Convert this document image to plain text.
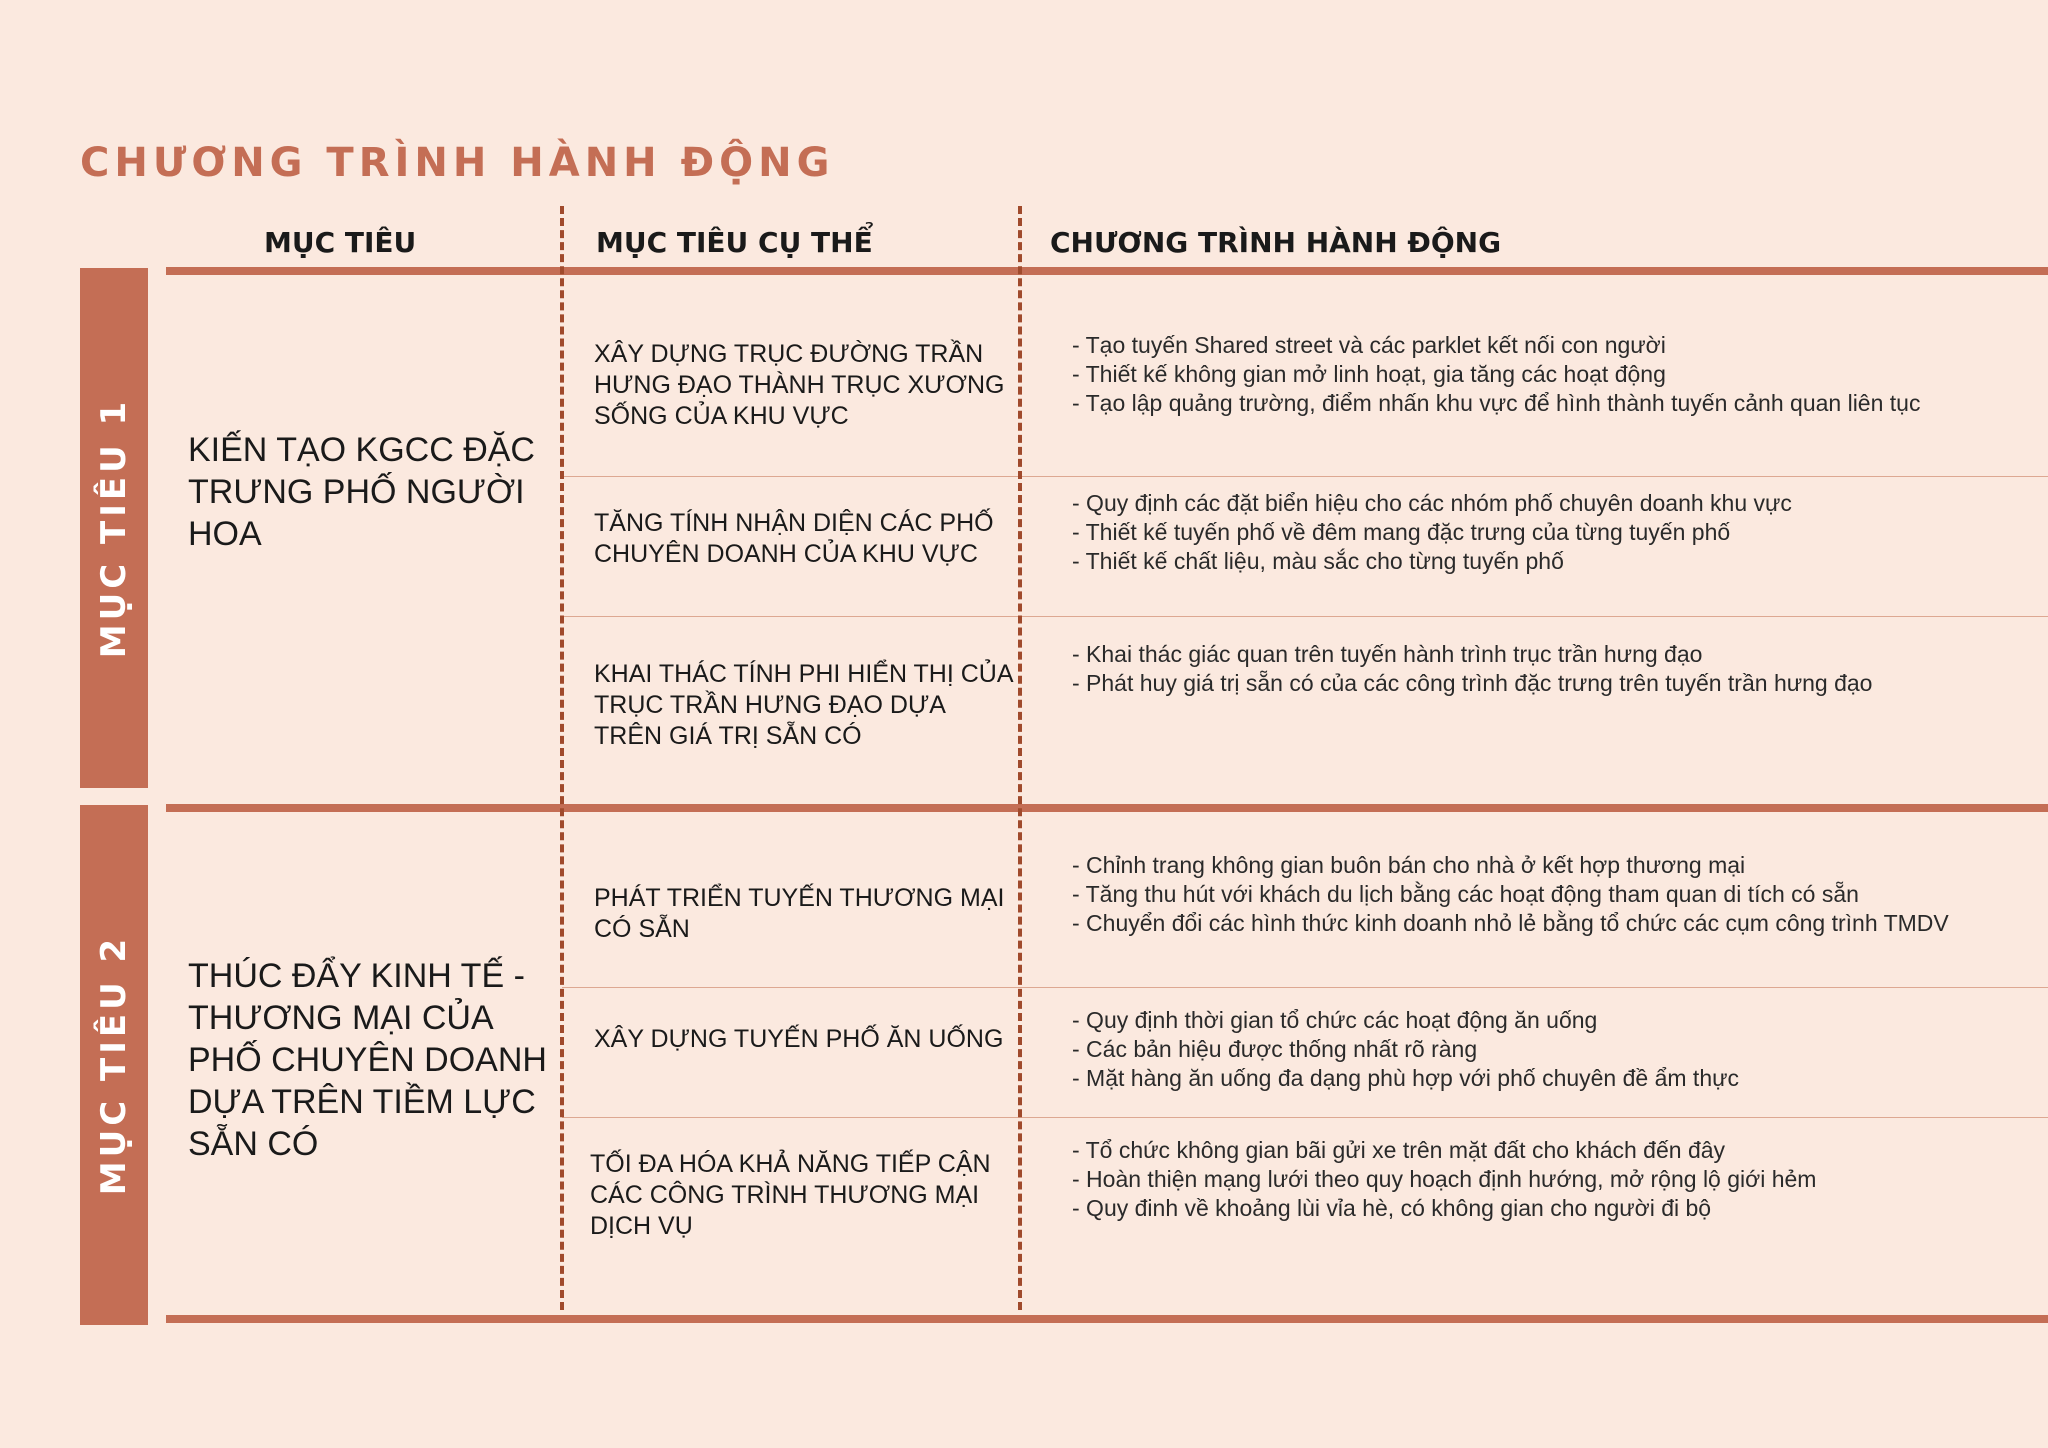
CHƯƠNG TRÌNH HÀNH ĐỘNG
MỤC TIÊU	MỤC TIÊU CỤ THỂ	CHƯƠNG TRÌNH HÀNH ĐỘNG
MỤC TIÊU 1 KIẾN TẠO KGCC ĐẶC TRƯNG PHỐ NGƯỜI HOA
XÂY DỰNG TRỤC ĐƯỜNG TRẦN HƯNG ĐẠO THÀNH TRỤC XƯƠNG SỐNG CỦA KHU VỰC
TĂNG TÍNH NHẬN DIỆN CÁC PHỐ CHUYÊN DOANH CỦA KHU VỰC
KHAI THÁC TÍNH PHI HIỂN THỊ CỦA TRỤC TRẦN HƯNG ĐẠO DỰA TRÊN GIÁ TRỊ SẴN CÓ
- Tạo tuyến Shared street và các parklet kết nối con người
- Thiết kế không gian mở linh hoạt, gia tăng các hoạt động
- Tạo lập quảng trường, điểm nhấn khu vực để hình thành tuyến cảnh quan liên tục
- Quy định các đặt biển hiệu cho các nhóm phố chuyên doanh khu vực
- Thiết kế tuyến phố về đêm mang đặc trưng của từng tuyến phố
- Thiết kế chất liệu, màu sắc cho từng tuyến phố
- Khai thác giác quan trên tuyến hành trình trục trần hưng đạo
- Phát huy giá trị sẵn có của các công trình đặc trưng trên tuyến trần hưng đạo
MỤC TIÊU 2 THÚC ĐẨY KINH TẾ - THƯƠNG MẠI CỦA PHỐ CHUYÊN DOANH DỰA TRÊN TIỀM LỰC SẴN CÓ
PHÁT TRIỂN TUYẾN THƯƠNG MẠI CÓ SẴN
XÂY DỰNG TUYẾN PHỐ ĂN UỐNG
TỐI ĐA HÓA KHẢ NĂNG TIẾP CẬN CÁC CÔNG TRÌNH THƯƠNG MẠI DỊCH VỤ
- Chỉnh trang không gian buôn bán cho nhà ở kết hợp thương mại
- Tăng thu hút với khách du lịch bằng các hoạt động tham quan di tích có sẵn
- Chuyển đổi các hình thức kinh doanh nhỏ lẻ bằng tổ chức các cụm công trình TMDV
- Quy định thời gian tổ chức các hoạt động ăn uống
- Các bản hiệu được thống nhất rõ ràng
- Mặt hàng ăn uống đa dạng phù hợp với phố chuyên đề ẩm thực
- Tổ chức không gian bãi gửi xe trên mặt đất cho khách đến đây
- Hoàn thiện mạng lưới theo quy hoạch định hướng, mở rộng lộ giới hẻm
- Quy đinh về khoảng lùi vỉa hè, có không gian cho người đi bộ
